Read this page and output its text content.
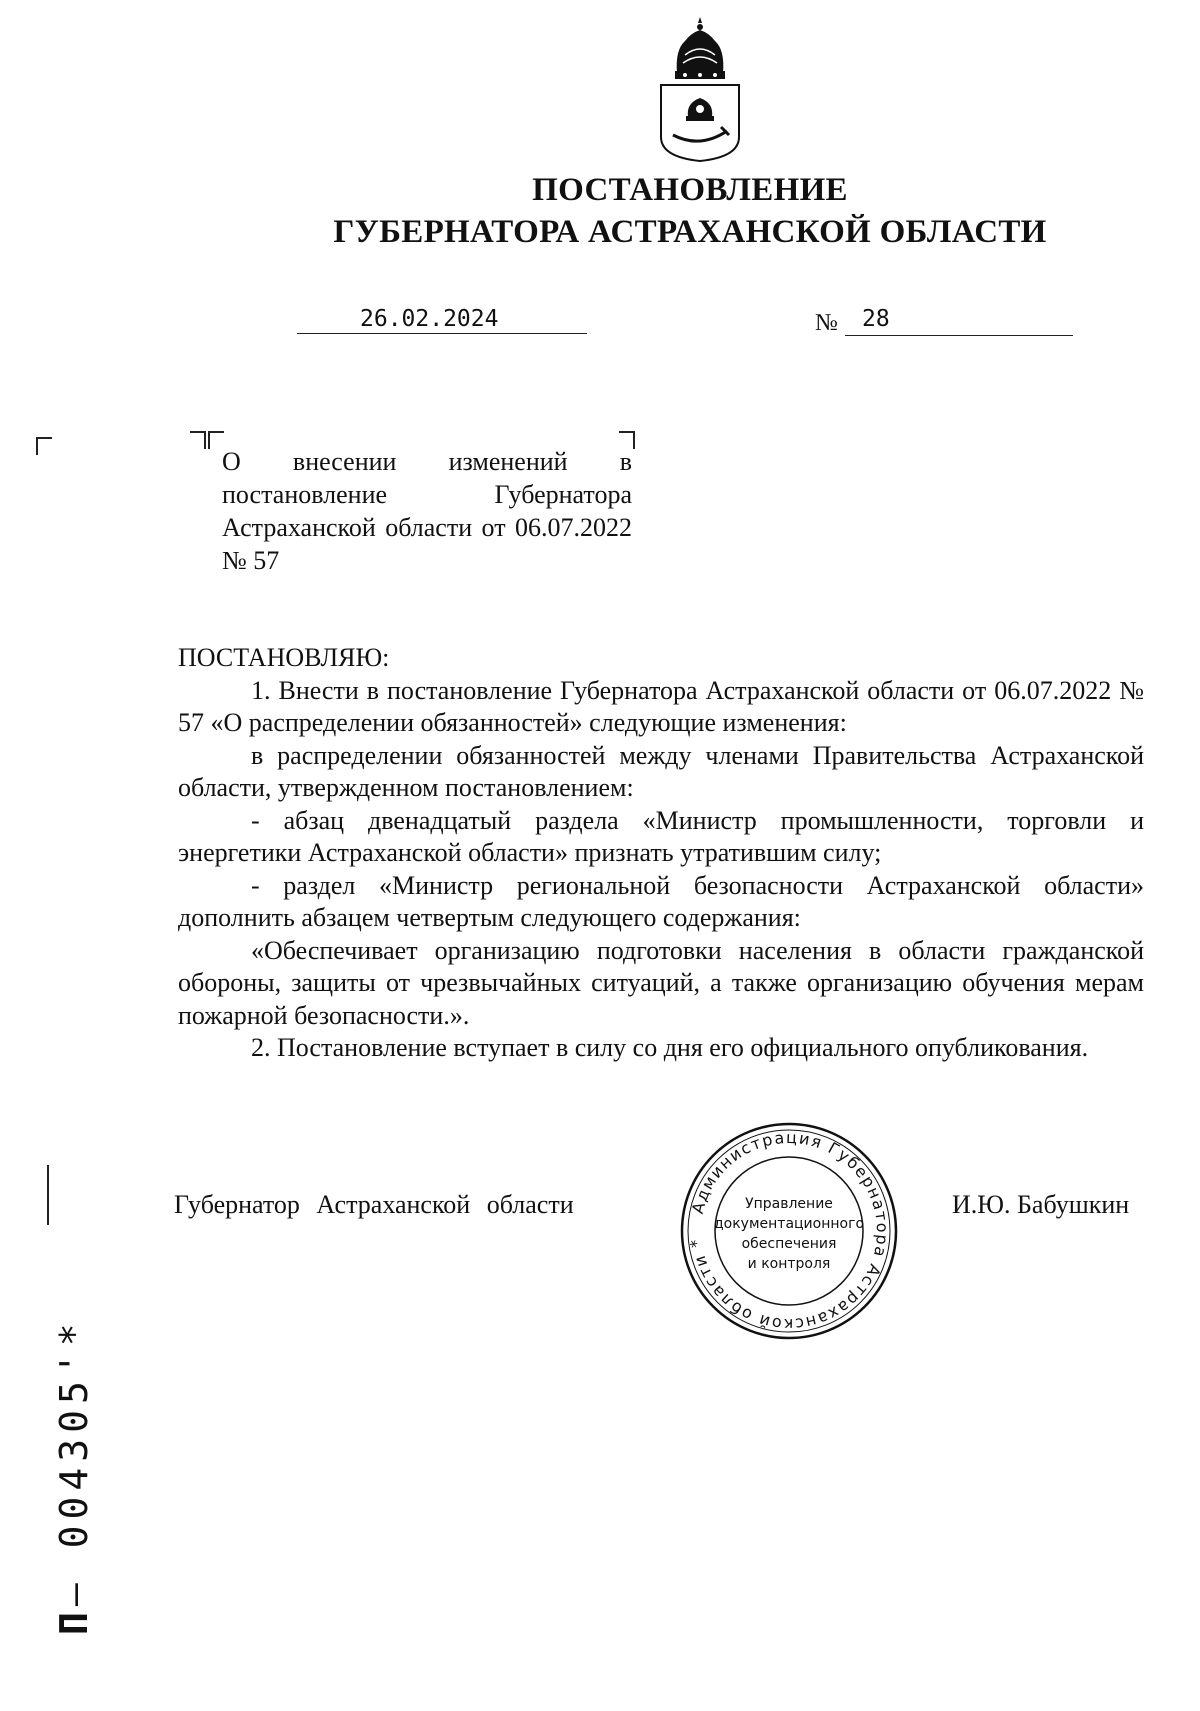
ПОСТАНОВЛЕНИЕ
ГУБЕРНАТОРА АСТРАХАНСКОЙ ОБЛАСТИ
26.02.2024	№ 28
О внесении изменений в постановление Губернатора Астраханской области от 06.07.2022 № 57

ПОСТАНОВЛЯЮ:

1. Внести в постановление Губернатора Астраханской области от 06.07.2022 № 57 «О распределении обязанностей» следующие изменения:

в распределении обязанностей между членами Правительства Астраханской области, утвержденном постановлением:

- абзац двенадцатый раздела «Министр промышленности, торговли и энергетики Астраханской области» признать утратившим силу;

- раздел «Министр региональной безопасности Астраханской области» дополнить абзацем четвертым следующего содержания:

«Обеспечивает организацию подготовки населения в области гражданской обороны, защиты от чрезвычайных ситуаций, а также организацию обучения мерам пожарной безопасности.».

2. Постановление вступает в силу со дня его официального опубликования.

Губернатор Астраханской области	И.Ю. Бабушкин
Администрация Губернатора Астраханской области *
Управление
документационного
обеспечения
и контроля
П– 004305'*
